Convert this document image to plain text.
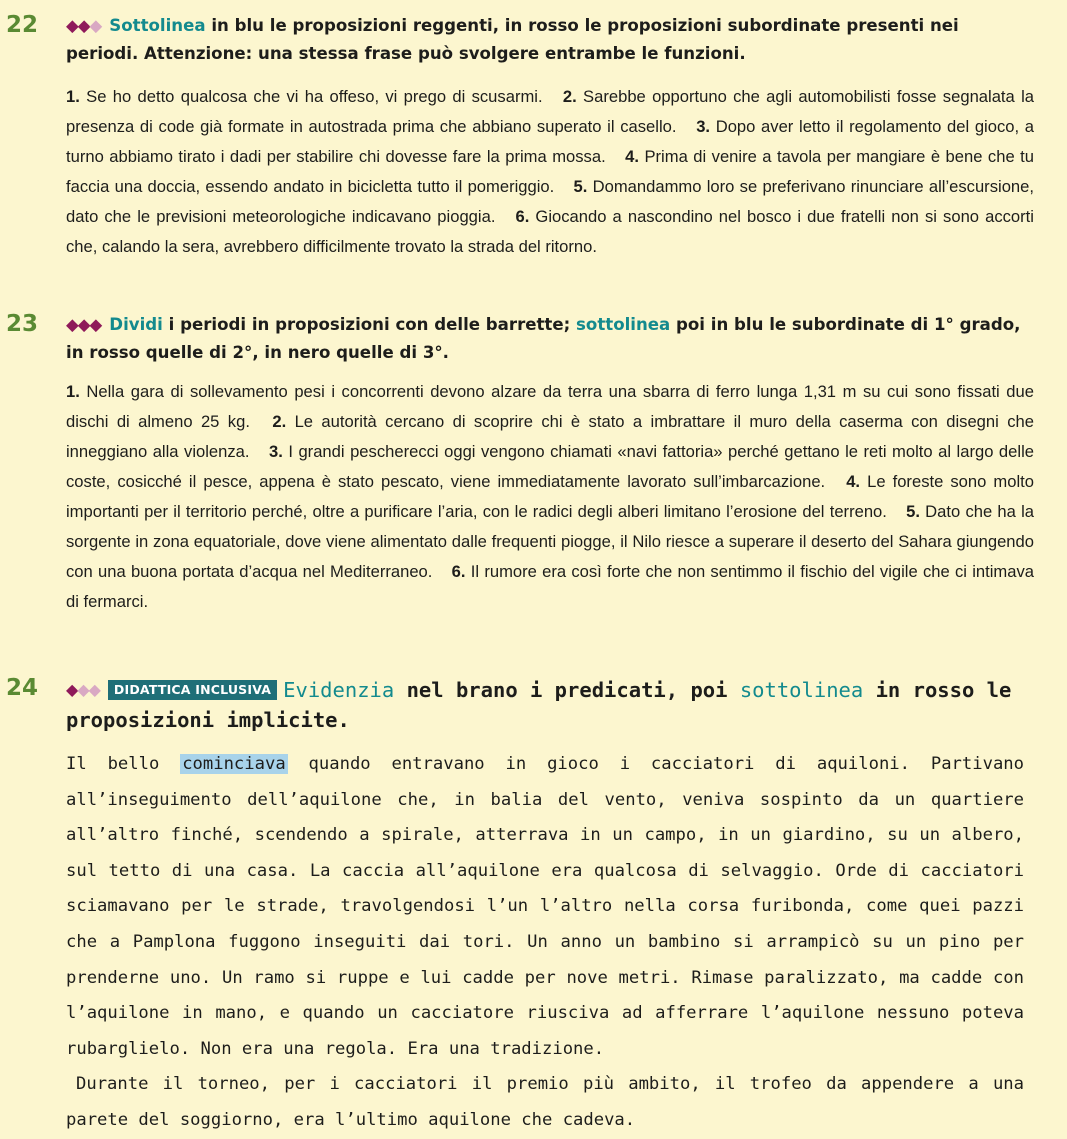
22 ◆◆◆ Sottolinea in blu le proposizioni reggenti, in rosso le proposizioni subordinate presenti nei periodi. Attenzione: una stessa frase può svolgere entrambe le funzioni.
1. Se ho detto qualcosa che vi ha offeso, vi prego di scusarmi. 2. Sarebbe opportuno che agli automobilisti fosse segnalata la presenza di code già formate in autostrada prima che abbiano superato il casello. 3. Dopo aver letto il regolamento del gioco, a turno abbiamo tirato i dadi per stabilire chi dovesse fare la prima mossa. 4. Prima di venire a tavola per mangiare è bene che tu faccia una doccia, essendo andato in bicicletta tutto il pomeriggio. 5. Domandammo loro se preferivano rinunciare all’escursione, dato che le previsioni meteorologiche indicavano pioggia. 6. Giocando a nascondino nel bosco i due fratelli non si sono accorti che, calando la sera, avrebbero difficilmente trovato la strada del ritorno.
23 ◆◆◆ Dividi i periodi in proposizioni con delle barrette; sottolinea poi in blu le subordinate di 1° grado, in rosso quelle di 2°, in nero quelle di 3°.
1. Nella gara di sollevamento pesi i concorrenti devono alzare da terra una sbarra di ferro lunga 1,31 m su cui sono fissati due dischi di almeno 25 kg. 2. Le autorità cercano di scoprire chi è stato a imbrattare il muro della caserma con disegni che inneggiano alla violenza. 3. I grandi pescherecci oggi vengono chiamati «navi fattoria» perché gettano le reti molto al largo delle coste, cosicché il pesce, appena è stato pescato, viene immediatamente lavorato sull’imbarcazione. 4. Le foreste sono molto importanti per il territorio perché, oltre a purificare l’aria, con le radici degli alberi limitano l’erosione del terreno. 5. Dato che ha la sorgente in zona equatoriale, dove viene alimentato dalle frequenti piogge, il Nilo riesce a superare il deserto del Sahara giungendo con una buona portata d’acqua nel Mediterraneo. 6. Il rumore era così forte che non sentimmo il fischio del vigile che ci intimava di fermarci.
24 ◆◆◆ DIDATTICA INCLUSIVA Evidenzia nel brano i predicati, poi sottolinea in rosso le proposizioni implicite.
Il bello cominciava quando entravano in gioco i cacciatori di aquiloni. Partivano all’inseguimento dell’aquilone che, in balia del vento, veniva sospinto da un quartiere all’altro finché, scendendo a spirale, atterrava in un campo, in un giardino, su un albero, sul tetto di una casa. La caccia all’aquilone era qualcosa di selvaggio. Orde di cacciatori sciamavano per le strade, travolgendosi l’un l’altro nella corsa furibonda, come quei pazzi che a Pamplona fuggono inseguiti dai tori. Un anno un bambino si arrampicò su un pino per prenderne uno. Un ramo si ruppe e lui cadde per nove metri. Rimase paralizzato, ma cadde con l’aquilone in mano, e quando un cacciatore riusciva ad afferrare l’aquilone nessuno poteva rubarglielo. Non era una regola. Era una tradizione.
Durante il torneo, per i cacciatori il premio più ambito, il trofeo da appendere a una parete del soggiorno, era l’ultimo aquilone che cadeva.
